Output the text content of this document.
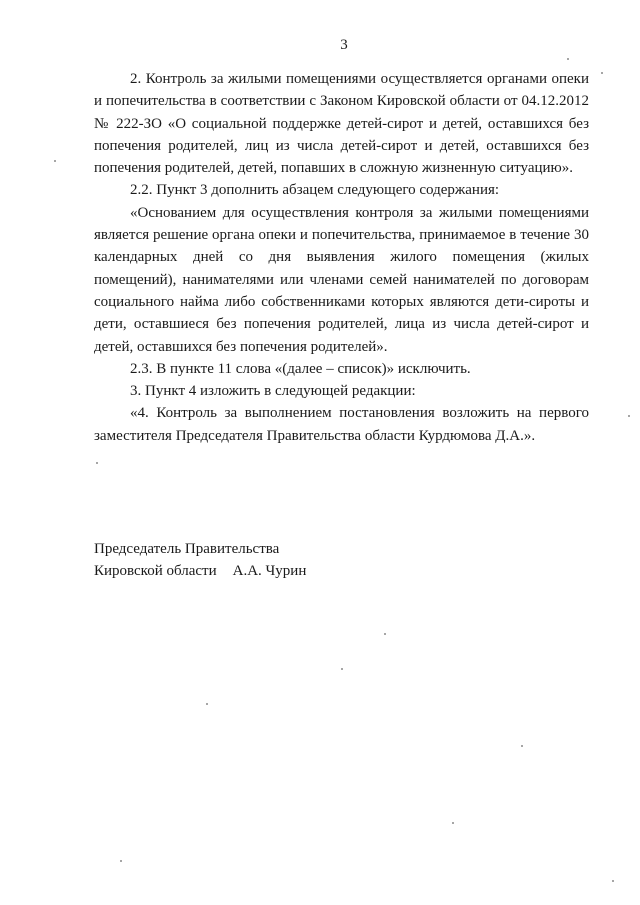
3

2. Контроль за жилыми помещениями осуществляется органами опеки и попечительства в соответствии с Законом Кировской области от 04.12.2012 № 222-ЗО «О социальной поддержке детей-сирот и детей, оставшихся без попечения родителей, лиц из числа детей-сирот и детей, оставшихся без попечения родителей, детей, попавших в сложную жизненную ситуацию».

2.2. Пункт 3 дополнить абзацем следующего содержания:

«Основанием для осуществления контроля за жилыми помещениями является решение органа опеки и попечительства, принимаемое в течение 30 календарных дней со дня выявления жилого помещения (жилых помещений), нанимателями или членами семей нанимателей по договорам социального найма либо собственниками которых являются дети-сироты и дети, оставшиеся без попечения родителей, лица из числа детей-сирот и детей, оставшихся без попечения родителей».

2.3. В пункте 11 слова «(далее – список)» исключить.

3. Пункт 4 изложить в следующей редакции:

«4. Контроль за выполнением постановления возложить на первого заместителя Председателя Правительства области Курдюмова Д.А.».

Председатель Правительства
Кировской области А.А. Чурин
